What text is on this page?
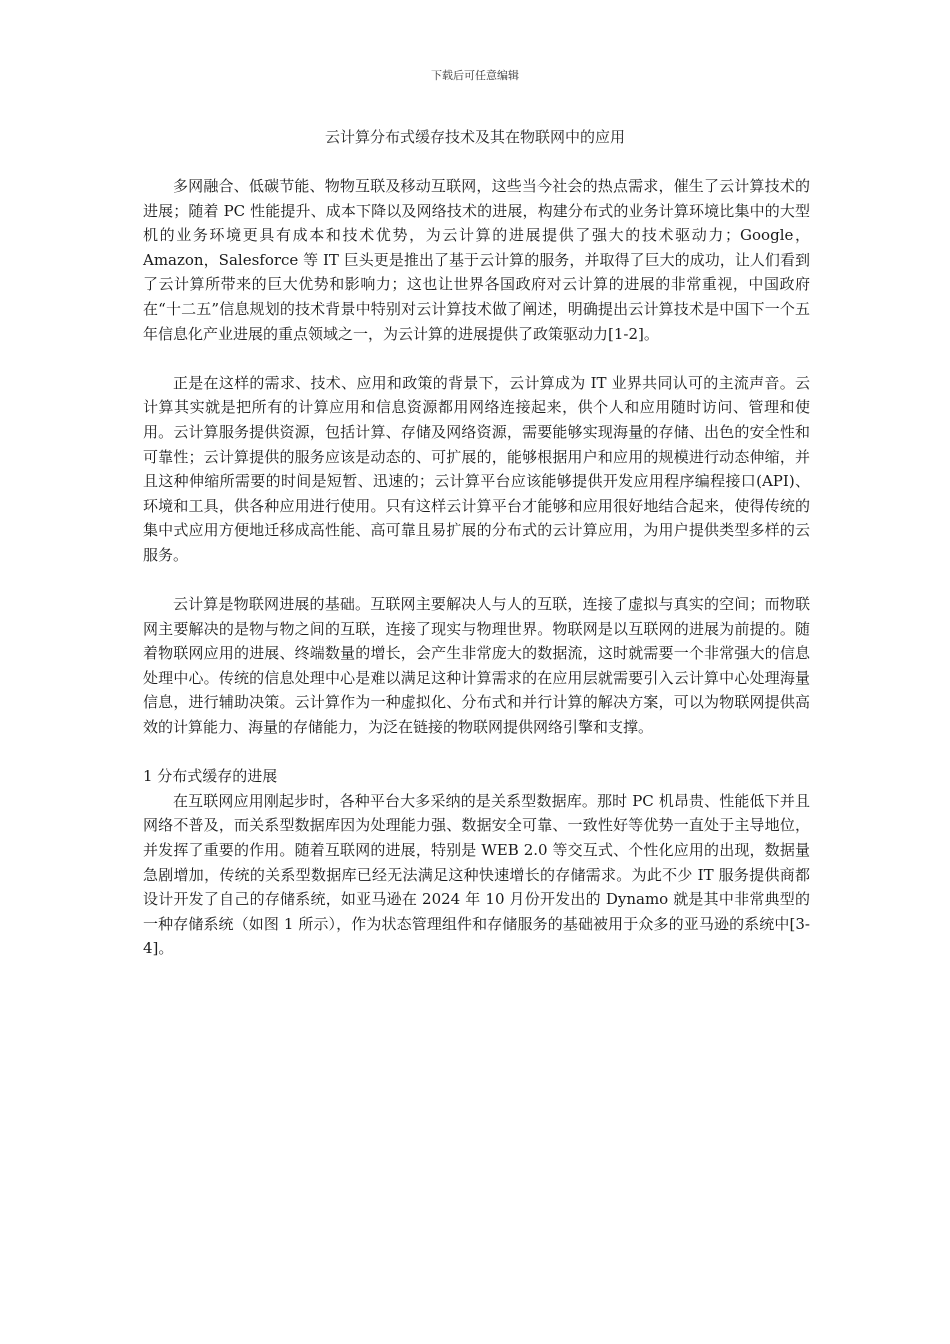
下载后可任意编辑
云计算分布式缓存技术及其在物联网中的应用

多网融合、低碳节能、物物互联及移动互联网，这些当今社会的热点需求，催生了云计算技术的进展；随着 PC 性能提升、成本下降以及网络技术的进展，构建分布式的业务计算环境比集中的大型机的业务环境更具有成本和技术优势，为云计算的进展提供了强大的技术驱动力；Google，Amazon，Salesforce 等 IT 巨头更是推出了基于云计算的服务，并取得了巨大的成功，让人们看到了云计算所带来的巨大优势和影响力；这也让世界各国政府对云计算的进展的非常重视，中国政府在“十二五”信息规划的技术背景中特别对云计算技术做了阐述，明确提出云计算技术是中国下一个五年信息化产业进展的重点领域之一，为云计算的进展提供了政策驱动力[1-2]。

正是在这样的需求、技术、应用和政策的背景下，云计算成为 IT 业界共同认可的主流声音。云计算其实就是把所有的计算应用和信息资源都用网络连接起来，供个人和应用随时访问、管理和使用。云计算服务提供资源，包括计算、存储及网络资源，需要能够实现海量的存储、出色的安全性和可靠性；云计算提供的服务应该是动态的、可扩展的，能够根据用户和应用的规模进行动态伸缩，并且这种伸缩所需要的时间是短暂、迅速的；云计算平台应该能够提供开发应用程序编程接口(API)、环境和工具，供各种应用进行使用。只有这样云计算平台才能够和应用很好地结合起来，使得传统的集中式应用方便地迁移成高性能、高可靠且易扩展的分布式的云计算应用，为用户提供类型多样的云服务。

云计算是物联网进展的基础。互联网主要解决人与人的互联，连接了虚拟与真实的空间；而物联网主要解决的是物与物之间的互联，连接了现实与物理世界。物联网是以互联网的进展为前提的。随着物联网应用的进展、终端数量的增长，会产生非常庞大的数据流，这时就需要一个非常强大的信息处理中心。传统的信息处理中心是难以满足这种计算需求的在应用层就需要引入云计算中心处理海量信息，进行辅助决策。云计算作为一种虚拟化、分布式和并行计算的解决方案，可以为物联网提供高效的计算能力、海量的存储能力，为泛在链接的物联网提供网络引擎和支撑。

1 分布式缓存的进展

在互联网应用刚起步时，各种平台大多采纳的是关系型数据库。那时 PC 机昂贵、性能低下并且网络不普及，而关系型数据库因为处理能力强、数据安全可靠、一致性好等优势一直处于主导地位，并发挥了重要的作用。随着互联网的进展，特别是 WEB 2.0 等交互式、个性化应用的出现，数据量急剧增加，传统的关系型数据库已经无法满足这种快速增长的存储需求。为此不少 IT 服务提供商都设计开发了自己的存储系统，如亚马逊在 2024 年 10 月份开发出的 Dynamo 就是其中非常典型的一种存储系统（如图 1 所示），作为状态管理组件和存储服务的基础被用于众多的亚马逊的系统中[3-4]。
